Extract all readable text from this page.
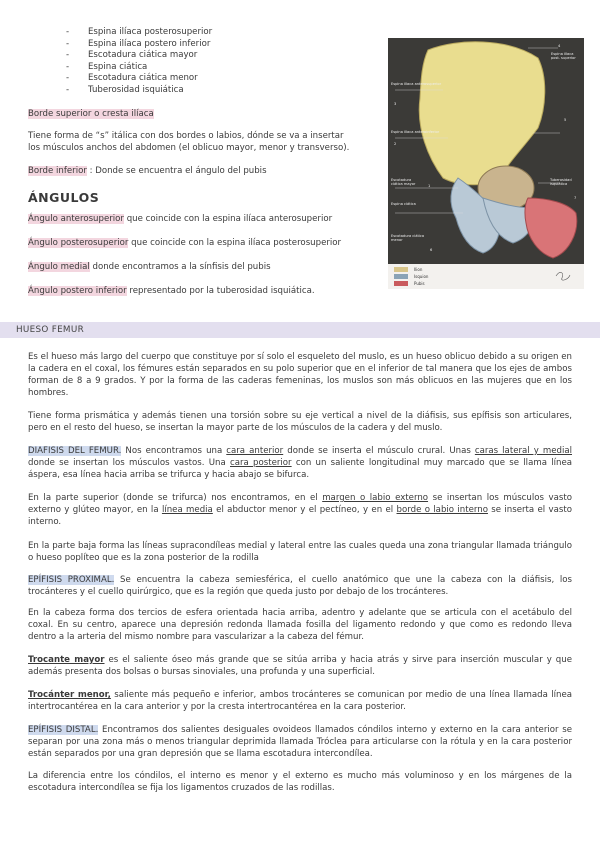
- Espina ilíaca posterosuperior
- Espina ilíaca postero inferior
- Escotadura ciática mayor
- Espina ciática
- Escotadura ciática menor
- Tuberosidad isquiática
Borde superior o cresta ilíaca
Tiene forma de “s” itálica con dos bordes o labios, dónde se va a insertar
los músculos anchos del abdomen (el oblicuo mayor, menor y transverso).
Borde inferior : Donde se encuentra el ángulo del pubis
ÁNGULOS
Ángulo anterosuperior que coincide con la espina ilíaca anterosuperior
Ángulo posterosuperior que coincide con la espina ilíaca posterosuperior
Ángulo medial donde encontramos a la sínfisis del pubis
Ángulo postero inferior representado por la tuberosidad isquiática.
4
Espina ilíaca post. superior
3
Espina ilíaca anterosuperior
5
Espina ilíaca anteroinferior
2
1
Escotadura ciática mayor
Espina ciática
Escotadura ciática menor
7
Tuberosidad isquiática
6
Ilion
Isquion
Pubis
HUESO FEMUR
Es el hueso más largo del cuerpo que constituye por sí solo el esqueleto del muslo, es un hueso oblicuo debido a su origen en la cadera en el coxal, los fémures están separados en su polo superior que en el inferior de tal manera que los ejes de ambos forman de 8 a 9 grados. Y por la forma de las caderas femeninas, los muslos son más oblicuos en las mujeres que en los hombres.
Tiene forma prismática y además tienen una torsión sobre su eje vertical a nivel de la diáfisis, sus epífisis son articulares, pero en el resto del hueso, se insertan la mayor parte de los músculos de la cadera y del muslo.
DIAFISIS DEL FEMUR. Nos encontramos una cara anterior donde se inserta el músculo crural. Unas caras lateral y medial donde se insertan los músculos vastos. Una cara posterior con un saliente longitudinal muy marcado que se llama línea áspera, esa línea hacia arriba se trifurca y hacia abajo se bifurca.
En la parte superior (donde se trifurca) nos encontramos, en el margen o labio externo se insertan los músculos vasto externo y glúteo mayor, en la línea media el abductor menor y el pectíneo, y en el borde o labio interno se inserta el vasto interno.
En la parte baja forma las líneas supracondíleas medial y lateral entre las cuales queda una zona triangular llamada triángulo o hueso poplíteo que es la zona posterior de la rodilla
EPÍFISIS PROXIMAL. Se encuentra la cabeza semiesférica, el cuello anatómico que une la cabeza con la diáfisis, los trocánteres y el cuello quirúrgico, que es la región que queda justo por debajo de los trocánteres.
En la cabeza forma dos tercios de esfera orientada hacia arriba, adentro y adelante que se articula con el acetábulo del coxal. En su centro, aparece una depresión redonda llamada fosilla del ligamento redondo y que como es redondo lleva dentro a la arteria del mismo nombre para vascularizar a la cabeza del fémur.
Trocante mayor es el saliente óseo más grande que se sitúa arriba y hacia atrás y sirve para inserción muscular y que además presenta dos bolsas o bursas sinoviales, una profunda y una superficial.
Trocánter menor, saliente más pequeño e inferior, ambos trocánteres se comunican por medio de una línea llamada línea intertrocantérea en la cara anterior y por la cresta intertrocantérea en la cara posterior.
EPÍFISIS DISTAL. Encontramos dos salientes desiguales ovoideos llamados cóndilos interno y externo en la cara anterior se separan por una zona más o menos triangular deprimida llamada Tróclea para articularse con la rótula y en la cara posterior están separados por una gran depresión que se llama escotadura intercondílea.
La diferencia entre los cóndilos, el interno es menor y el externo es mucho más voluminoso y en los márgenes de la escotadura intercondílea se fija los ligamentos cruzados de las rodillas.
